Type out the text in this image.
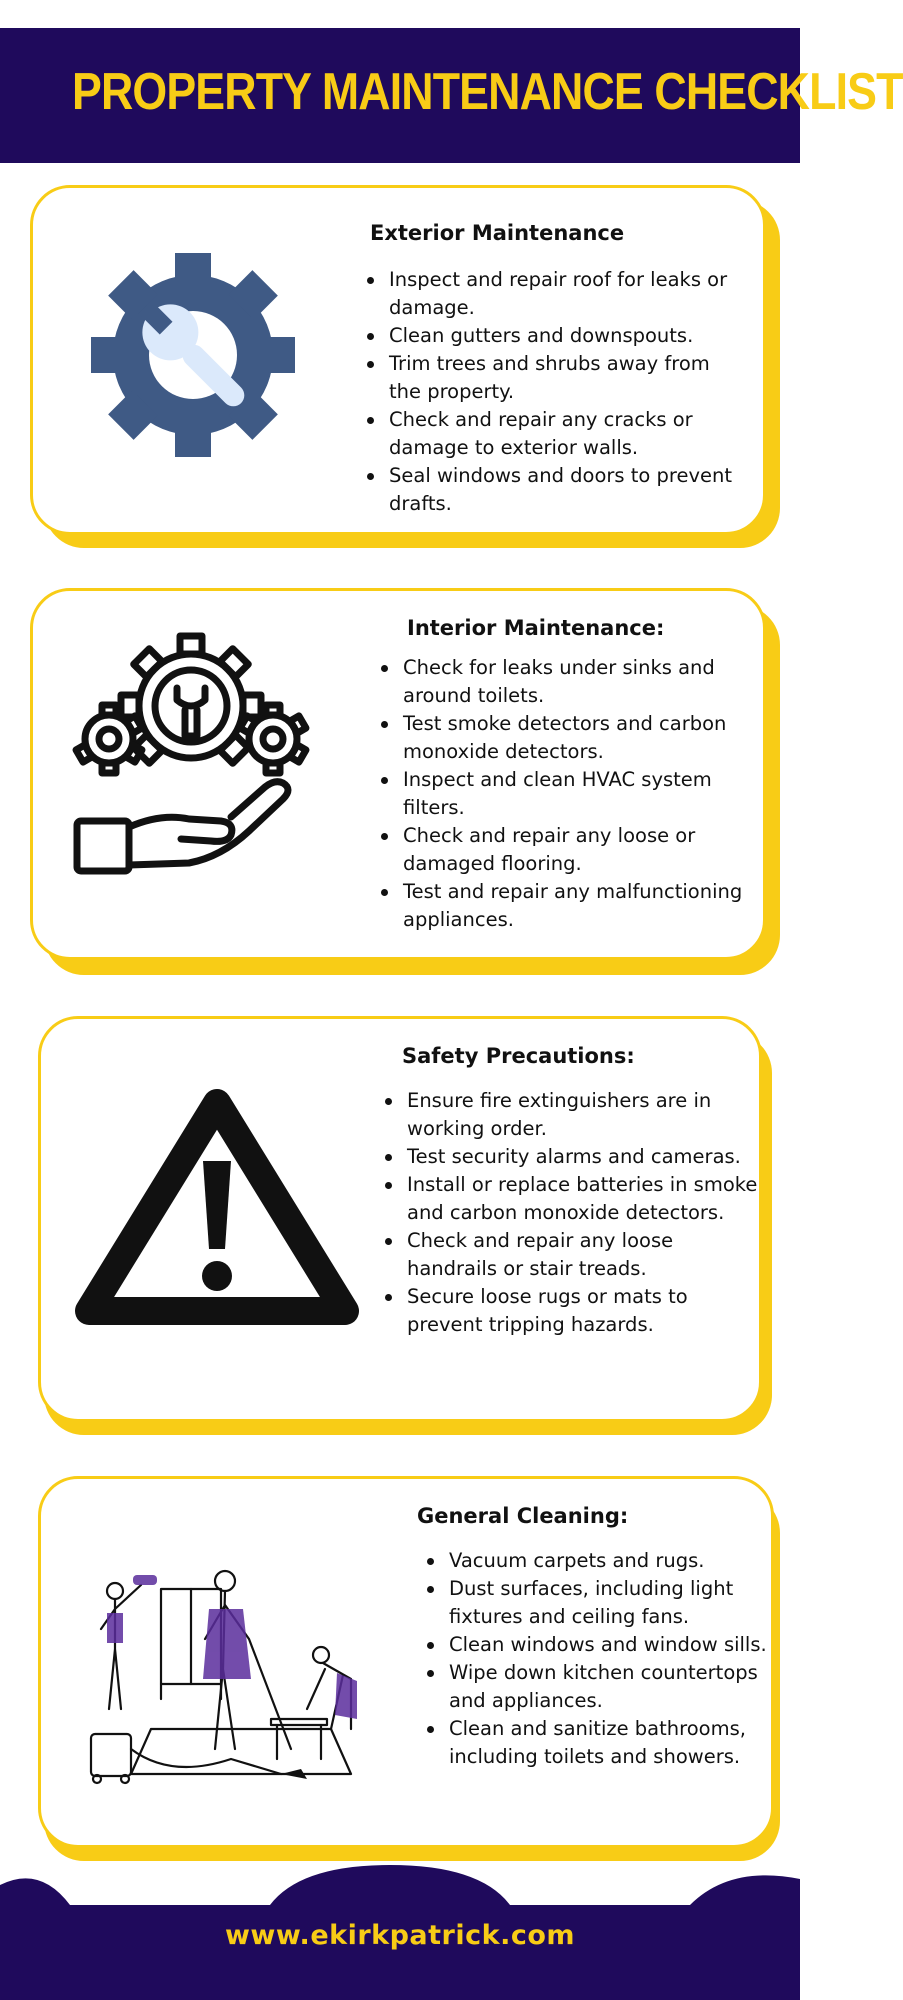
PROPERTY MAINTENANCE CHECKLIST
Exterior Maintenance
Inspect and repair roof for leaks or damage.
Clean gutters and downspouts.
Trim trees and shrubs away from the property.
Check and repair any cracks or damage to exterior walls.
Seal windows and doors to prevent drafts.
Interior Maintenance:
Check for leaks under sinks and around toilets.
Test smoke detectors and carbon monoxide detectors.
Inspect and clean HVAC system filters.
Check and repair any loose or damaged flooring.
Test and repair any malfunctioning appliances.
Safety Precautions:
Ensure fire extinguishers are in working order.
Test security alarms and cameras.
Install or replace batteries in smoke and carbon monoxide detectors.
Check and repair any loose handrails or stair treads.
Secure loose rugs or mats to prevent tripping hazards.
General Cleaning:
Vacuum carpets and rugs.
Dust surfaces, including light fixtures and ceiling fans.
Clean windows and window sills.
Wipe down kitchen countertops and appliances.
Clean and sanitize bathrooms, including toilets and showers.
www.ekirkpatrick.com
